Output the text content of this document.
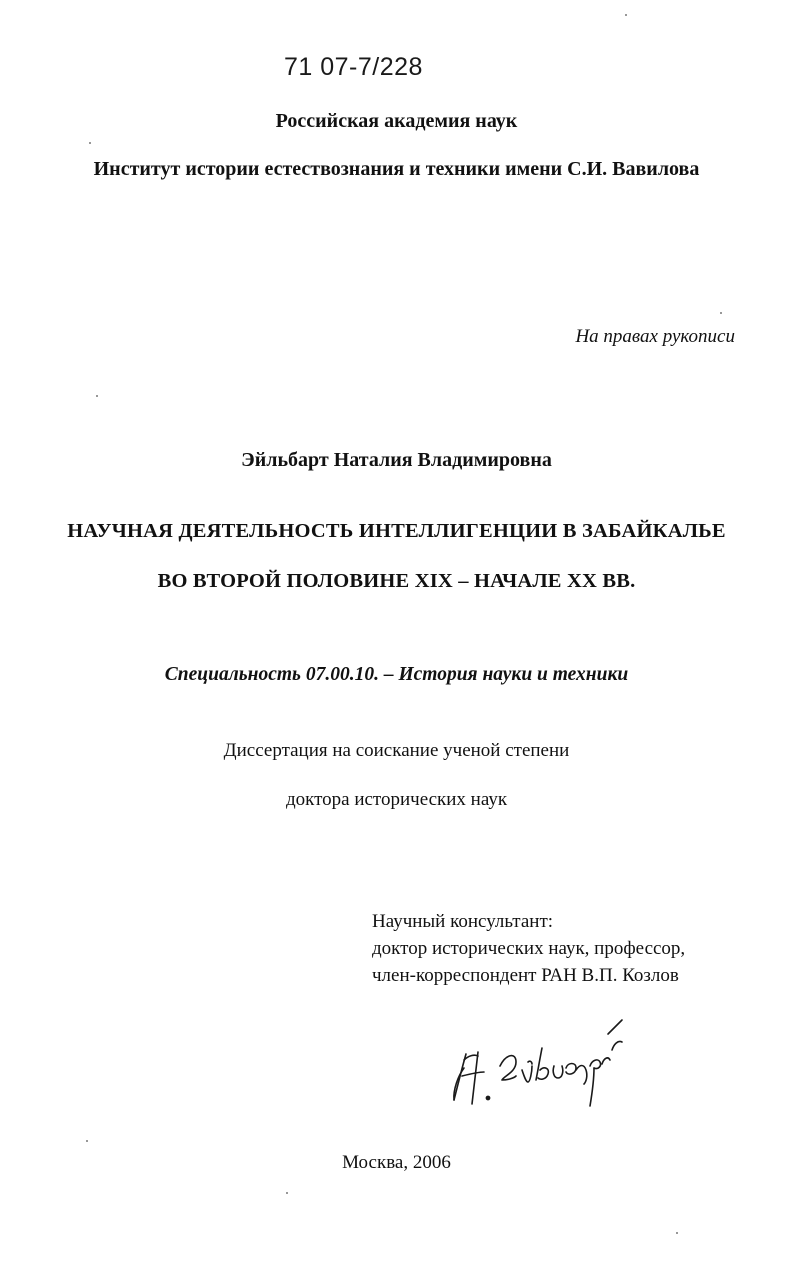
71 07-7/228
Российская академия наук
Институт истории естествознания и техники имени С.И. Вавилова
На правах рукописи
Эйльбарт Наталия Владимировна
НАУЧНАЯ ДЕЯТЕЛЬНОСТЬ ИНТЕЛЛИГЕНЦИИ В ЗАБАЙКАЛЬЕ
ВО ВТОРОЙ ПОЛОВИНЕ XIX – НАЧАЛЕ XX ВВ.
Специальность 07.00.10. – История науки и техники
Диссертация на соискание ученой степени
доктора исторических наук
Научный консультант:
доктор исторических наук, профессор,
член-корреспондент РАН В.П. Козлов
Москва, 2006
